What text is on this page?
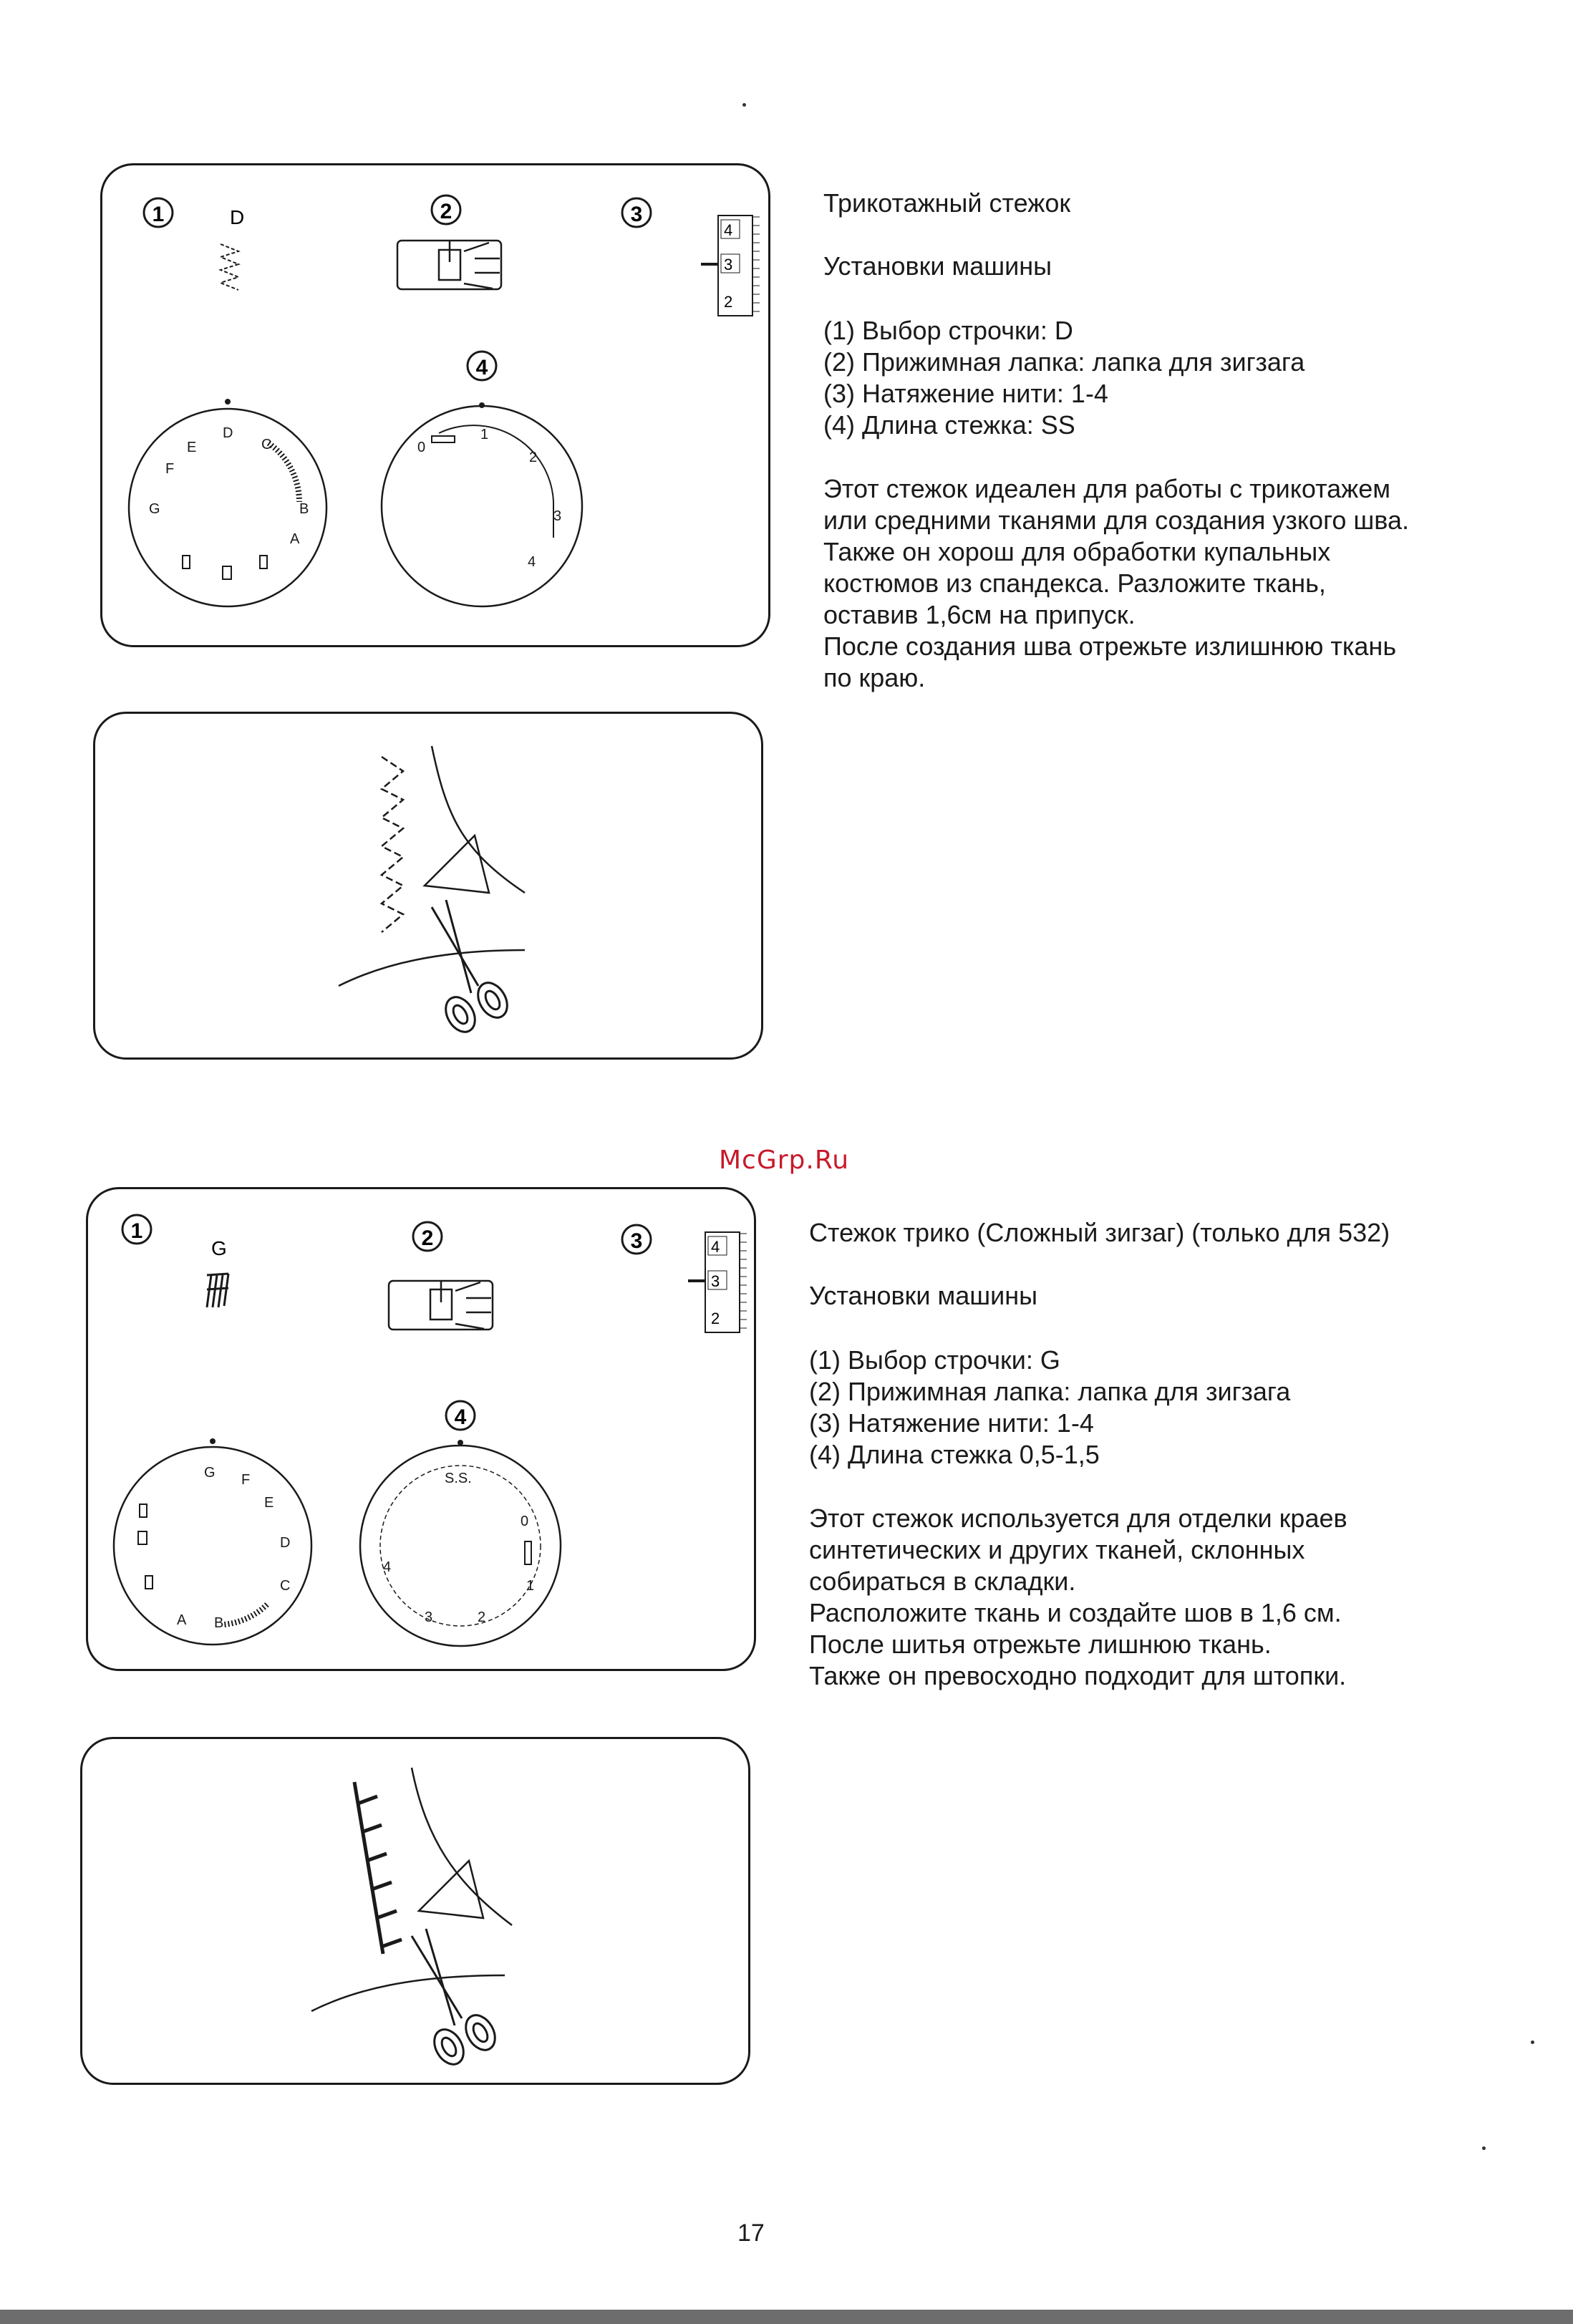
1	2	3
4
D
4
3
2
D
E
F
G
C
B
A
0
1
2
3
4

Трикотажный стежок

Установки машины

(1) Выбор строчки: D
(2) Прижимная лапка: лапка для зигзага
(3) Натяжение нити: 1-4
(4) Длина стежка: SS
Этот стежок идеален для работы с трикотажем
или средними тканями для создания узкого шва.
Также он хорош для обработки купальных
костюмов из спандекса. Разложите ткань,
оставив 1,6см на припуск.
После создания шва отрежьте излишнюю ткань
по краю.
McGrp.Ru
1	2	3
4
G	4
3
2
G F
E
D
C
B
A
S.S.
0
1
2
3
4

Стежок трико (Сложный зигзаг) (только для 532)

Установки машины

(1) Выбор строчки: G
(2) Прижимная лапка: лапка для зигзага
(3) Натяжение нити: 1-4
(4) Длина стежка 0,5-1,5
Этот стежок используется для отделки краев
синтетических и других тканей, склонных
собираться в складки.
Расположите ткань и создайте шов в 1,6 см.
После шитья отрежьте лишнюю ткань.
Также он превосходно подходит для штопки.
17
